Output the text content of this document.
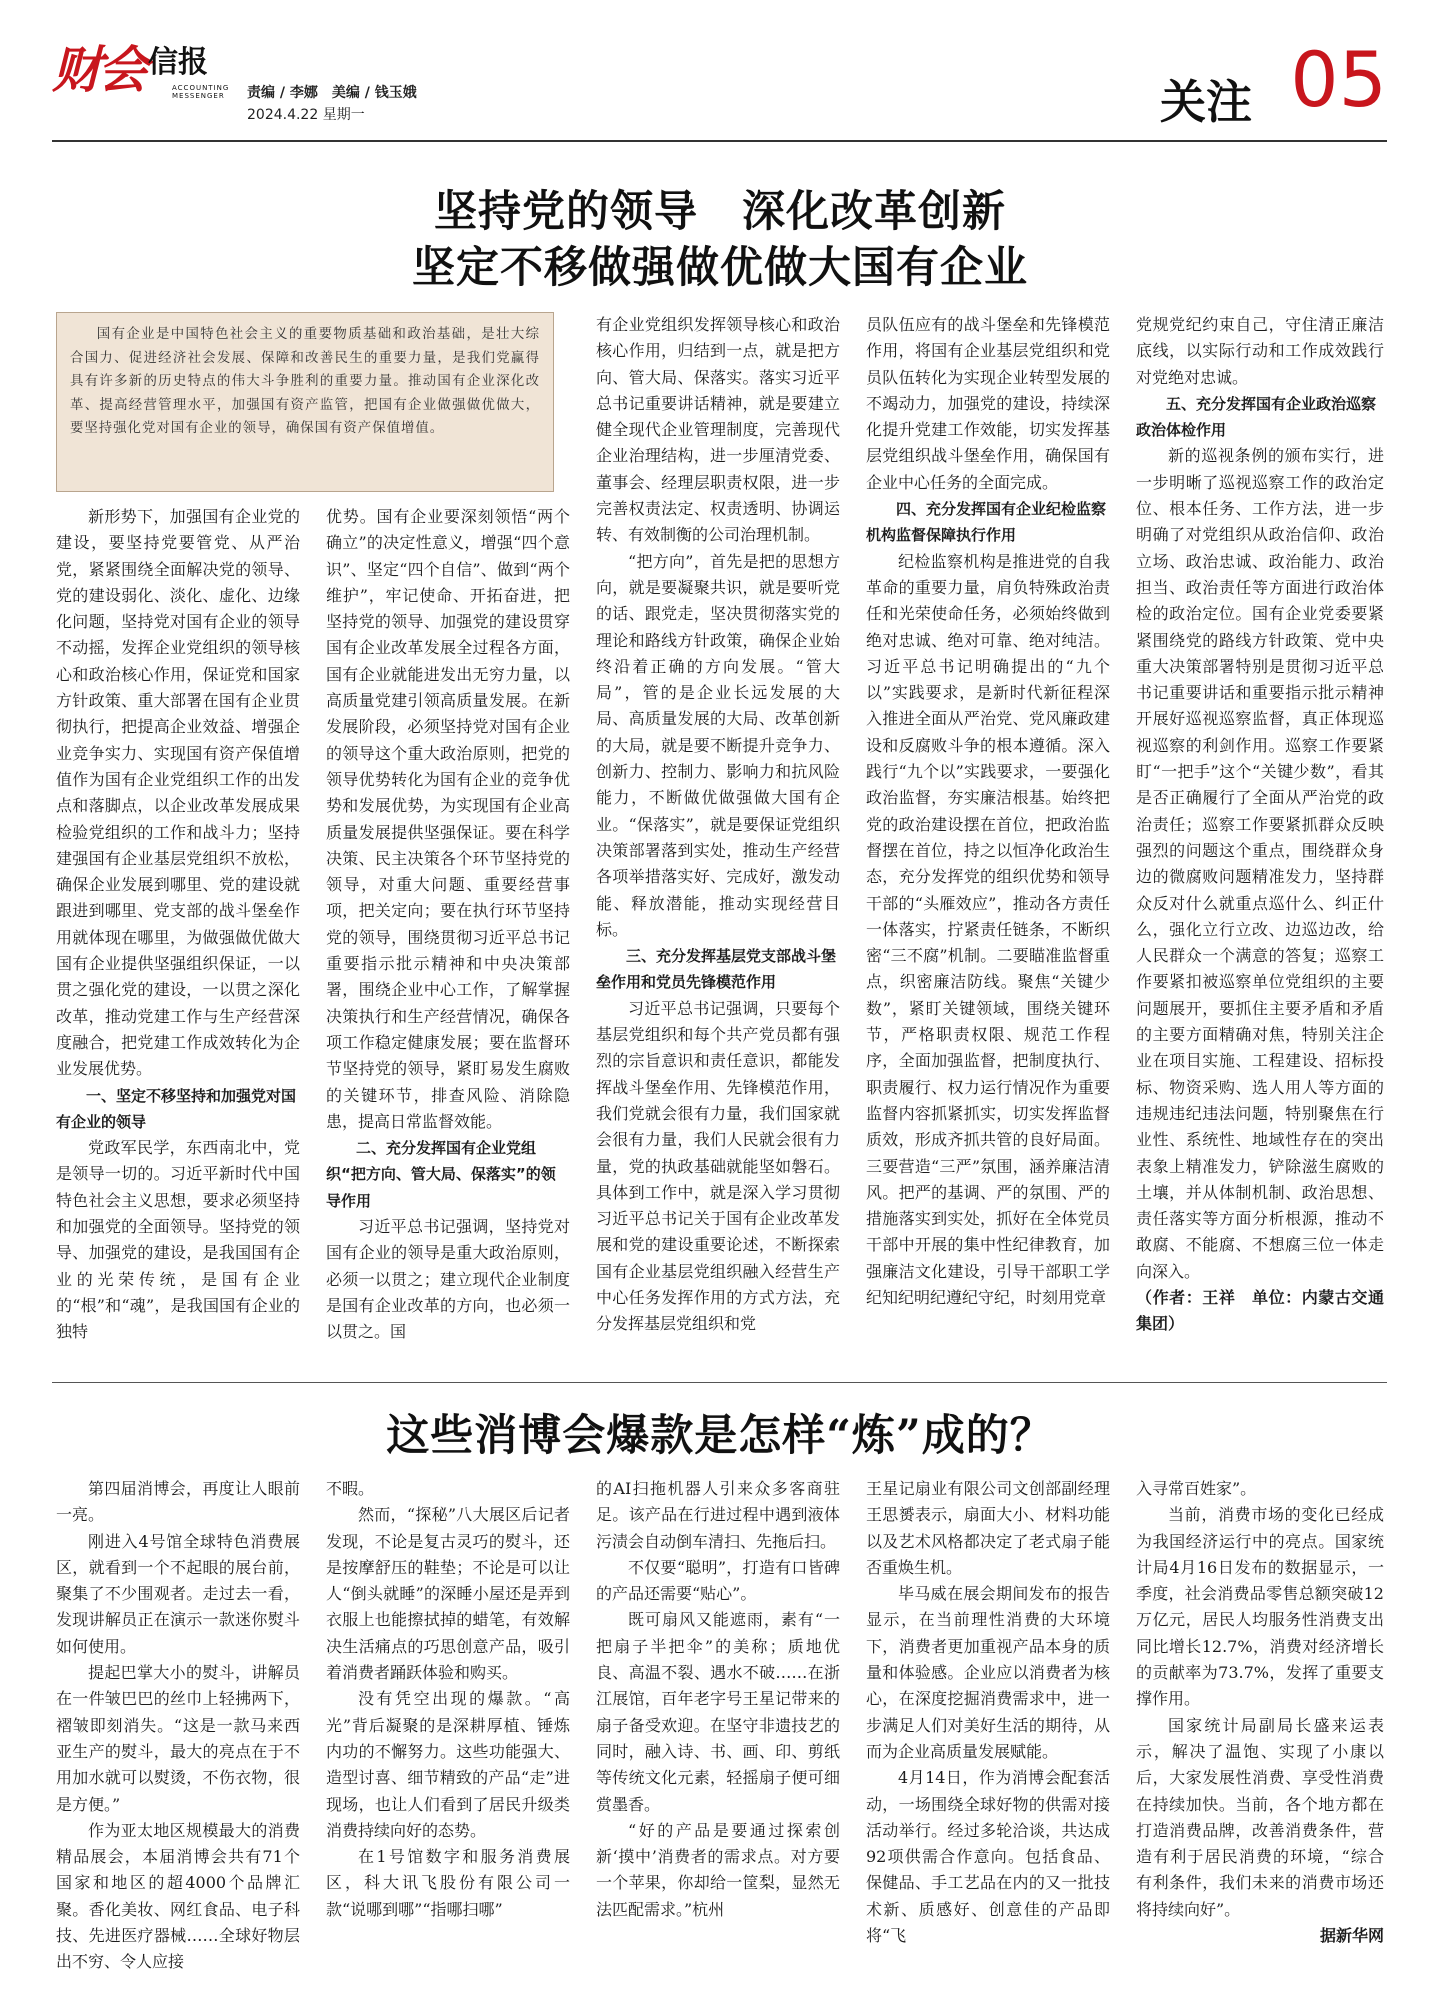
财会 信报
ACCOUNTING
MESSENGER	责编 / 李娜　美编 / 钱玉娥
2024.4.22 星期一	关注 05
坚持党的领导　深化改革创新
坚定不移做强做优做大国有企业
国有企业是中国特色社会主义的重要物质基础和政治基础，是壮大综合国力、促进经济社会发展、保障和改善民生的重要力量，是我们党赢得具有许多新的历史特点的伟大斗争胜利的重要力量。推动国有企业深化改革、提高经营管理水平，加强国有资产监管，把国有企业做强做优做大，要坚持强化党对国有企业的领导，确保国有资产保值增值。

新形势下，加强国有企业党的建设，要坚持党要管党、从严治党，紧紧围绕全面解决党的领导、党的建设弱化、淡化、虚化、边缘化问题，坚持党对国有企业的领导不动摇，发挥企业党组织的领导核心和政治核心作用，保证党和国家方针政策、重大部署在国有企业贯彻执行，把提高企业效益、增强企业竞争实力、实现国有资产保值增值作为国有企业党组织工作的出发点和落脚点，以企业改革发展成果检验党组织的工作和战斗力；坚持建强国有企业基层党组织不放松，确保企业发展到哪里、党的建设就跟进到哪里、党支部的战斗堡垒作用就体现在哪里，为做强做优做大国有企业提供坚强组织保证，一以贯之强化党的建设，一以贯之深化改革，推动党建工作与生产经营深度融合，把党建工作成效转化为企业发展优势。

一、坚定不移坚持和加强党对国有企业的领导

党政军民学，东西南北中，党是领导一切的。习近平新时代中国特色社会主义思想，要求必须坚持和加强党的全面领导。坚持党的领导、加强党的建设，是我国国有企业的光荣传统，是国有企业的“根”和“魂”，是我国国有企业的独特

优势。国有企业要深刻领悟“两个确立”的决定性意义，增强“四个意识”、坚定“四个自信”、做到“两个维护”，牢记使命、开拓奋进，把坚持党的领导、加强党的建设贯穿国有企业改革发展全过程各方面，国有企业就能进发出无穷力量，以高质量党建引领高质量发展。在新发展阶段，必须坚持党对国有企业的领导这个重大政治原则，把党的领导优势转化为国有企业的竞争优势和发展优势，为实现国有企业高质量发展提供坚强保证。要在科学决策、民主决策各个环节坚持党的领导，对重大问题、重要经营事项，把关定向；要在执行环节坚持党的领导，围绕贯彻习近平总书记重要指示批示精神和中央决策部署，围绕企业中心工作，了解掌握决策执行和生产经营情况，确保各项工作稳定健康发展；要在监督环节坚持党的领导，紧盯易发生腐败的关键环节，排查风险、消除隐患，提高日常监督效能。

二、充分发挥国有企业党组织“把方向、管大局、保落实”的领导作用

习近平总书记强调，坚持党对国有企业的领导是重大政治原则，必须一以贯之；建立现代企业制度是国有企业改革的方向，也必须一以贯之。国

有企业党组织发挥领导核心和政治核心作用，归结到一点，就是把方向、管大局、保落实。落实习近平总书记重要讲话精神，就是要建立健全现代企业管理制度，完善现代企业治理结构，进一步厘清党委、董事会、经理层职责权限，进一步完善权责法定、权责透明、协调运转、有效制衡的公司治理机制。

“把方向”，首先是把的思想方向，就是要凝聚共识，就是要听党的话、跟党走，坚决贯彻落实党的理论和路线方针政策，确保企业始终沿着正确的方向发展。“管大局”，管的是企业长远发展的大局、高质量发展的大局、改革创新的大局，就是要不断提升竞争力、创新力、控制力、影响力和抗风险能力，不断做优做强做大国有企业。“保落实”，就是要保证党组织决策部署落到实处，推动生产经营各项举措落实好、完成好，激发动能、释放潜能，推动实现经营目标。

三、充分发挥基层党支部战斗堡垒作用和党员先锋模范作用

习近平总书记强调，只要每个基层党组织和每个共产党员都有强烈的宗旨意识和责任意识，都能发挥战斗堡垒作用、先锋模范作用，我们党就会很有力量，我们国家就会很有力量，我们人民就会很有力量，党的执政基础就能坚如磐石。具体到工作中，就是深入学习贯彻习近平总书记关于国有企业改革发展和党的建设重要论述，不断探索国有企业基层党组织融入经营生产中心任务发挥作用的方式方法，充分发挥基层党组织和党

员队伍应有的战斗堡垒和先锋模范作用，将国有企业基层党组织和党员队伍转化为实现企业转型发展的不竭动力，加强党的建设，持续深化提升党建工作效能，切实发挥基层党组织战斗堡垒作用，确保国有企业中心任务的全面完成。

四、充分发挥国有企业纪检监察机构监督保障执行作用

纪检监察机构是推进党的自我革命的重要力量，肩负特殊政治责任和光荣使命任务，必须始终做到绝对忠诚、绝对可靠、绝对纯洁。习近平总书记明确提出的“九个以”实践要求，是新时代新征程深入推进全面从严治党、党风廉政建设和反腐败斗争的根本遵循。深入践行“九个以”实践要求，一要强化政治监督，夯实廉洁根基。始终把党的政治建设摆在首位，把政治监督摆在首位，持之以恒净化政治生态，充分发挥党的组织优势和领导干部的“头雁效应”，推动各方责任一体落实，拧紧责任链条，不断织密“三不腐”机制。二要瞄准监督重点，织密廉洁防线。聚焦“关键少数”，紧盯关键领域，围绕关键环节，严格职责权限、规范工作程序，全面加强监督，把制度执行、职责履行、权力运行情况作为重要监督内容抓紧抓实，切实发挥监督质效，形成齐抓共管的良好局面。三要营造“三严”氛围，涵养廉洁清风。把严的基调、严的氛围、严的措施落实到实处，抓好在全体党员干部中开展的集中性纪律教育，加强廉洁文化建设，引导干部职工学纪知纪明纪遵纪守纪，时刻用党章

党规党纪约束自己，守住清正廉洁底线，以实际行动和工作成效践行对党绝对忠诚。

五、充分发挥国有企业政治巡察政治体检作用

新的巡视条例的颁布实行，进一步明晰了巡视巡察工作的政治定位、根本任务、工作方法，进一步明确了对党组织从政治信仰、政治立场、政治忠诚、政治能力、政治担当、政治责任等方面进行政治体检的政治定位。国有企业党委要紧紧围绕党的路线方针政策、党中央重大决策部署特别是贯彻习近平总书记重要讲话和重要指示批示精神开展好巡视巡察监督，真正体现巡视巡察的利剑作用。巡察工作要紧盯“一把手”这个“关键少数”，看其是否正确履行了全面从严治党的政治责任；巡察工作要紧抓群众反映强烈的问题这个重点，围绕群众身边的微腐败问题精准发力，坚持群众反对什么就重点巡什么、纠正什么，强化立行立改、边巡边改，给人民群众一个满意的答复；巡察工作要紧扣被巡察单位党组织的主要问题展开，要抓住主要矛盾和矛盾的主要方面精确对焦，特别关注企业在项目实施、工程建设、招标投标、物资采购、选人用人等方面的违规违纪违法问题，特别聚焦在行业性、系统性、地域性存在的突出表象上精准发力，铲除滋生腐败的土壤，并从体制机制、政治思想、责任落实等方面分析根源，推动不敢腐、不能腐、不想腐三位一体走向深入。

（作者：王祥　单位：内蒙古交通集团）

这些消博会爆款是怎样“炼”成的？

第四届消博会，再度让人眼前一亮。

刚进入4号馆全球特色消费展区，就看到一个不起眼的展台前，聚集了不少围观者。走过去一看，发现讲解员正在演示一款迷你熨斗如何使用。

提起巴掌大小的熨斗，讲解员在一件皱巴巴的丝巾上轻拂两下，褶皱即刻消失。“这是一款马来西亚生产的熨斗，最大的亮点在于不用加水就可以熨烫，不伤衣物，很是方便。”

作为亚太地区规模最大的消费精品展会，本届消博会共有71个国家和地区的超4000个品牌汇聚。香化美妆、网红食品、电子科技、先进医疗器械……全球好物层出不穷、令人应接

不暇。

然而，“探秘”八大展区后记者发现，不论是复古灵巧的熨斗，还是按摩舒压的鞋垫；不论是可以让人“倒头就睡”的深睡小屋还是弄到衣服上也能擦拭掉的蜡笔，有效解决生活痛点的巧思创意产品，吸引着消费者踊跃体验和购买。

没有凭空出现的爆款。“高光”背后凝聚的是深耕厚植、锤炼内功的不懈努力。这些功能强大、造型讨喜、细节精致的产品“走”进现场，也让人们看到了居民升级类消费持续向好的态势。

在1号馆数字和服务消费展区，科大讯飞股份有限公司一款“说哪到哪”“指哪扫哪”

的AI扫拖机器人引来众多客商驻足。该产品在行进过程中遇到液体污渍会自动倒车清扫、先拖后扫。

不仅要“聪明”，打造有口皆碑的产品还需要“贴心”。

既可扇风又能遮雨，素有“一把扇子半把伞”的美称；质地优良、高温不裂、遇水不破……在浙江展馆，百年老字号王星记带来的扇子备受欢迎。在坚守非遗技艺的同时，融入诗、书、画、印、剪纸等传统文化元素，轻摇扇子便可细赏墨香。

“好的产品是要通过探索创新‘摸中’消费者的需求点。对方要一个苹果，你却给一筐梨，显然无法匹配需求。”杭州

王星记扇业有限公司文创部副经理王思赟表示，扇面大小、材料功能以及艺术风格都决定了老式扇子能否重焕生机。

毕马威在展会期间发布的报告显示，在当前理性消费的大环境下，消费者更加重视产品本身的质量和体验感。企业应以消费者为核心，在深度挖掘消费需求中，进一步满足人们对美好生活的期待，从而为企业高质量发展赋能。

4月14日，作为消博会配套活动，一场围绕全球好物的供需对接活动举行。经过多轮洽谈，共达成92项供需合作意向。包括食品、保健品、手工艺品在内的又一批技术新、质感好、创意佳的产品即将“飞

入寻常百姓家”。

当前，消费市场的变化已经成为我国经济运行中的亮点。国家统计局4月16日发布的数据显示，一季度，社会消费品零售总额突破12万亿元，居民人均服务性消费支出同比增长12.7%，消费对经济增长的贡献率为73.7%，发挥了重要支撑作用。

国家统计局副局长盛来运表示，解决了温饱、实现了小康以后，大家发展性消费、享受性消费在持续加快。当前，各个地方都在打造消费品牌，改善消费条件，营造有利于居民消费的环境，“综合有利条件，我们未来的消费市场还将持续向好”。

据新华网
